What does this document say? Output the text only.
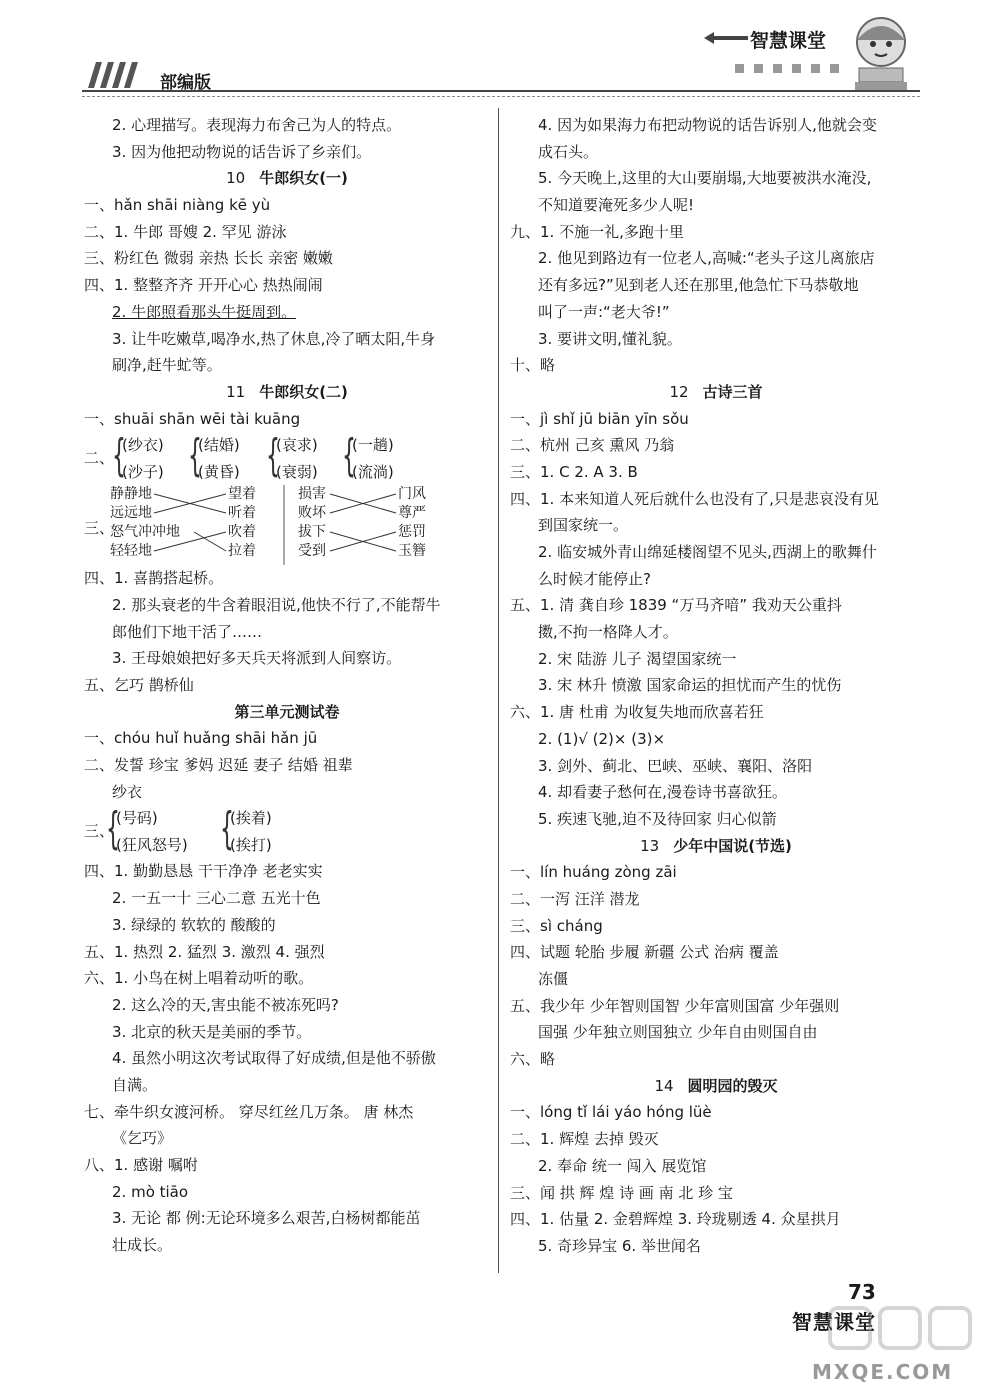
部编版
智慧课堂
2. 心理描写。表现海力布舍己为人的特点。
3. 因为他把动物说的话告诉了乡亲们。
10 牛郎织女(一)
一、hǎn shāi niàng kē yù
二、1. 牛郎 哥嫂 2. 罕见 游泳
三、粉红色 微弱 亲热 长长 亲密 嫩嫩
四、1. 整整齐齐 开开心心 热热闹闹
2. 牛郎照看那头牛挺周到。
3. 让牛吃嫩草,喝净水,热了休息,冷了晒太阳,牛身
刷净,赶牛虻等。
11 牛郎织女(二)
一、shuāi shān wēi tài kuāng
二、
{
(纱衣)
(沙子) {
(结婚)
(黄昏) {
(哀求)
(衰弱) {
(一趟)
(流淌)
三、
静静地
远远地
怒气冲冲地
轻轻地
望着
听着
吹着
拉着
损害
败坏
拔下
受到
门风
尊严
惩罚
玉簪
四、1. 喜鹊搭起桥。
2. 那头衰老的牛含着眼泪说,他快不行了,不能帮牛
郎他们下地干活了……
3. 王母娘娘把好多天兵天将派到人间察访。
五、乞巧 鹊桥仙
第三单元测试卷
一、chóu huǐ huǎng shāi hǎn jū
二、发誓 珍宝 爹妈 迟延 妻子 结婚 祖辈
纱衣
三、
{
(号码)
(狂风怒号) {
(挨着)
(挨打)
四、1. 勤勤恳恳 干干净净 老老实实
2. 一五一十 三心二意 五光十色
3. 绿绿的 软软的 酸酸的
五、1. 热烈 2. 猛烈 3. 激烈 4. 强烈
六、1. 小鸟在树上唱着动听的歌。
2. 这么冷的天,害虫能不被冻死吗?
3. 北京的秋天是美丽的季节。
4. 虽然小明这次考试取得了好成绩,但是他不骄傲
自满。
七、牵牛织女渡河桥。 穿尽红丝几万条。 唐 林杰
《乞巧》
八、1. 感谢 嘱咐
2. mò tiāo
3. 无论 都 例:无论环境多么艰苦,白杨树都能茁
壮成长。
4. 因为如果海力布把动物说的话告诉别人,他就会变
成石头。
5. 今天晚上,这里的大山要崩塌,大地要被洪水淹没,
不知道要淹死多少人呢!
九、1. 不施一礼,多跑十里
2. 他见到路边有一位老人,高喊:“老头子这儿离旅店
还有多远?”见到老人还在那里,他急忙下马恭敬地
叫了一声:“老大爷!”
3. 要讲文明,懂礼貌。
十、略
12 古诗三首
一、jì shǐ jū biān yīn sǒu
二、杭州 己亥 熏风 乃翁
三、1. C 2. A 3. B
四、1. 本来知道人死后就什么也没有了,只是悲哀没有见
到国家统一。
2. 临安城外青山绵延楼阁望不见头,西湖上的歌舞什
么时候才能停止?
五、1. 清 龚自珍 1839 “万马齐喑” 我劝天公重抖
擞,不拘一格降人才。
2. 宋 陆游 儿子 渴望国家统一
3. 宋 林升 愤激 国家命运的担忧而产生的忧伤
六、1. 唐 杜甫 为收复失地而欣喜若狂
2. (1)√ (2)× (3)×
3. 剑外、蓟北、巴峡、巫峡、襄阳、洛阳
4. 却看妻子愁何在,漫卷诗书喜欲狂。
5. 疾速飞驰,迫不及待回家 归心似箭
13 少年中国说(节选)
一、lín huáng zòng zāi
二、一泻 汪洋 潜龙
三、sì cháng
四、试题 轮胎 步履 新疆 公式 治病 覆盖
冻僵
五、我少年 少年智则国智 少年富则国富 少年强则
国强 少年独立则国独立 少年自由则国自由
六、略
14 圆明园的毁灭
一、lóng tǐ lái yáo hóng lüè
二、1. 辉煌 去掉 毁灭
2. 奉命 统一 闯入 展览馆
三、闻 拱 辉 煌 诗 画 南 北 珍 宝
四、1. 估量 2. 金碧辉煌 3. 玲珑剔透 4. 众星拱月
5. 奇珍异宝 6. 举世闻名
73
智慧课堂
MXQE.COM
